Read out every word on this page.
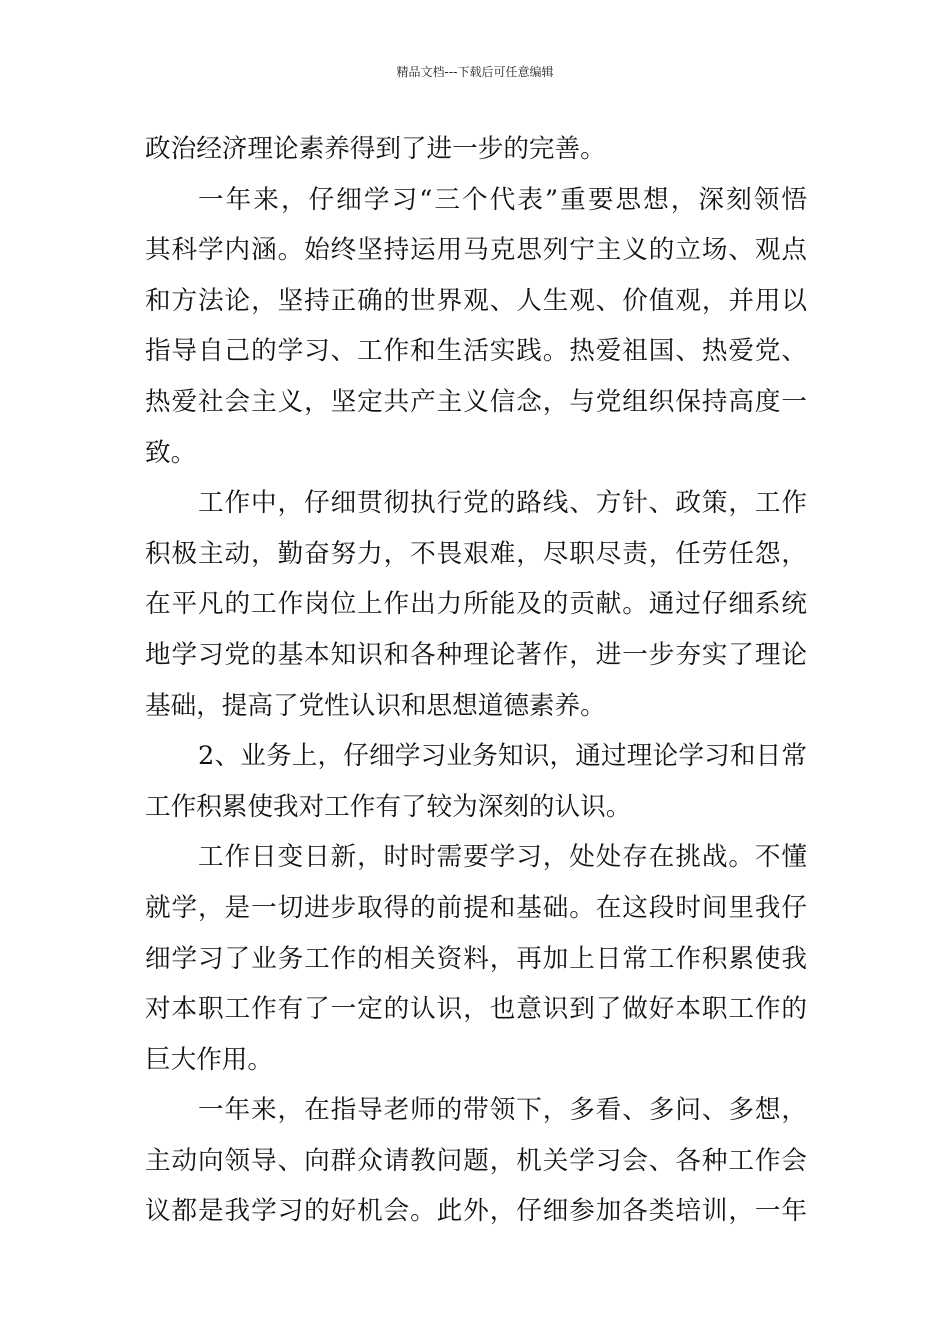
精品文档---下载后可任意编辑
政治经济理论素养得到了进一步的完善。
一年来，仔细学习“三个代表”重要思想，深刻领悟
其科学内涵。始终坚持运用马克思列宁主义的立场、观点
和方法论，坚持正确的世界观、人生观、价值观，并用以
指导自己的学习、工作和生活实践。热爱祖国、热爱党、
热爱社会主义，坚定共产主义信念，与党组织保持高度一
致。
工作中，仔细贯彻执行党的路线、方针、政策，工作
积极主动，勤奋努力，不畏艰难，尽职尽责，任劳任怨，
在平凡的工作岗位上作出力所能及的贡献。通过仔细系统
地学习党的基本知识和各种理论著作，进一步夯实了理论
基础，提高了党性认识和思想道德素养。
2、业务上，仔细学习业务知识，通过理论学习和日常
工作积累使我对工作有了较为深刻的认识。
工作日变日新，时时需要学习，处处存在挑战。不懂
就学，是一切进步取得的前提和基础。在这段时间里我仔
细学习了业务工作的相关资料，再加上日常工作积累使我
对本职工作有了一定的认识，也意识到了做好本职工作的
巨大作用。
一年来，在指导老师的带领下，多看、多问、多想，
主动向领导、向群众请教问题，机关学习会、各种工作会
议都是我学习的好机会。此外，仔细参加各类培训，一年
